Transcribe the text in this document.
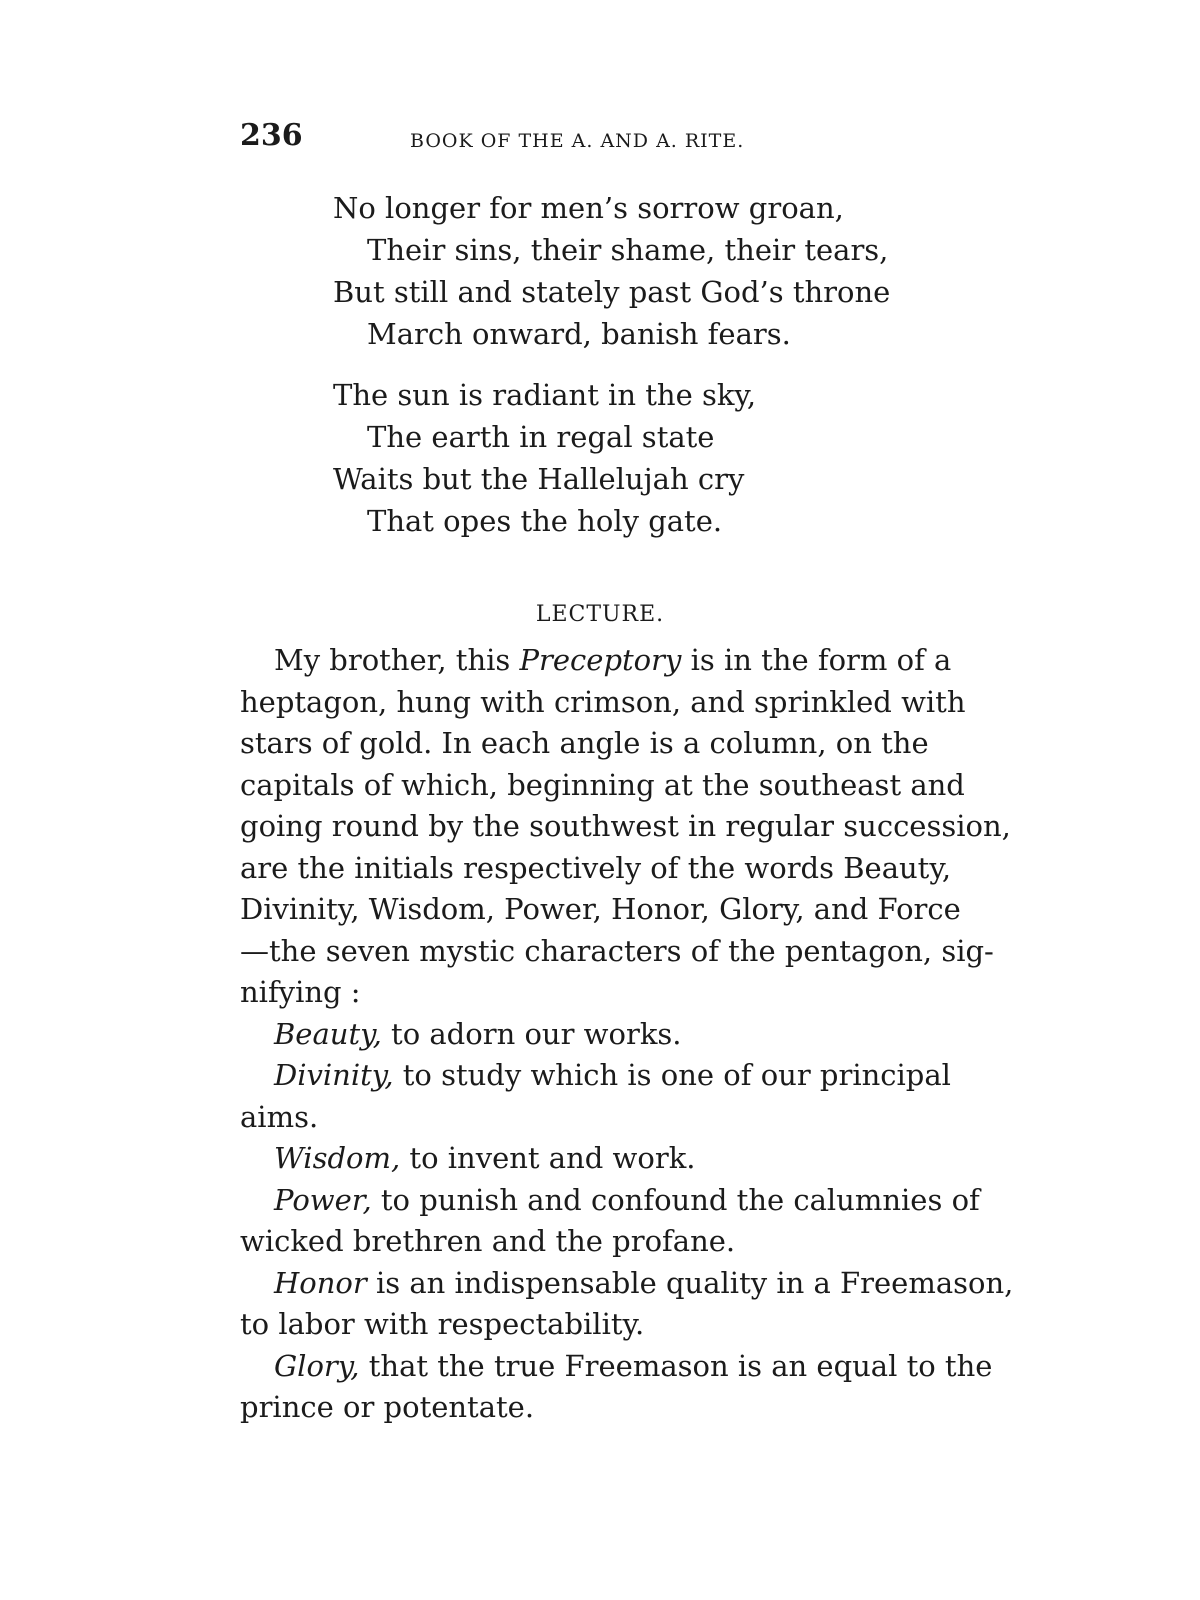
236	BOOK OF THE A. AND A. RITE.
No longer for men’s sorrow groan,
Their sins, their shame, their tears,
But still and stately past God’s throne
March onward, banish fears.
The sun is radiant in the sky,
The earth in regal state
Waits but the Hallelujah cry
That opes the holy gate.
LECTURE.
My brother, this Preceptory is in the form of a
heptagon, hung with crimson, and sprinkled with
stars of gold. In each angle is a column, on the
capitals of which, beginning at the southeast and
going round by the southwest in regular succession,
are the initials respectively of the words Beauty,
Divinity, Wisdom, Power, Honor, Glory, and Force
—the seven mystic characters of the pentagon, sig-
nifying :
Beauty, to adorn our works.
Divinity, to study which is one of our principal
aims.
Wisdom, to invent and work.
Power, to punish and confound the calumnies of
wicked brethren and the profane.
Honor is an indispensable quality in a Freemason,
to labor with respectability.
Glory, that the true Freemason is an equal to the
prince or potentate.
